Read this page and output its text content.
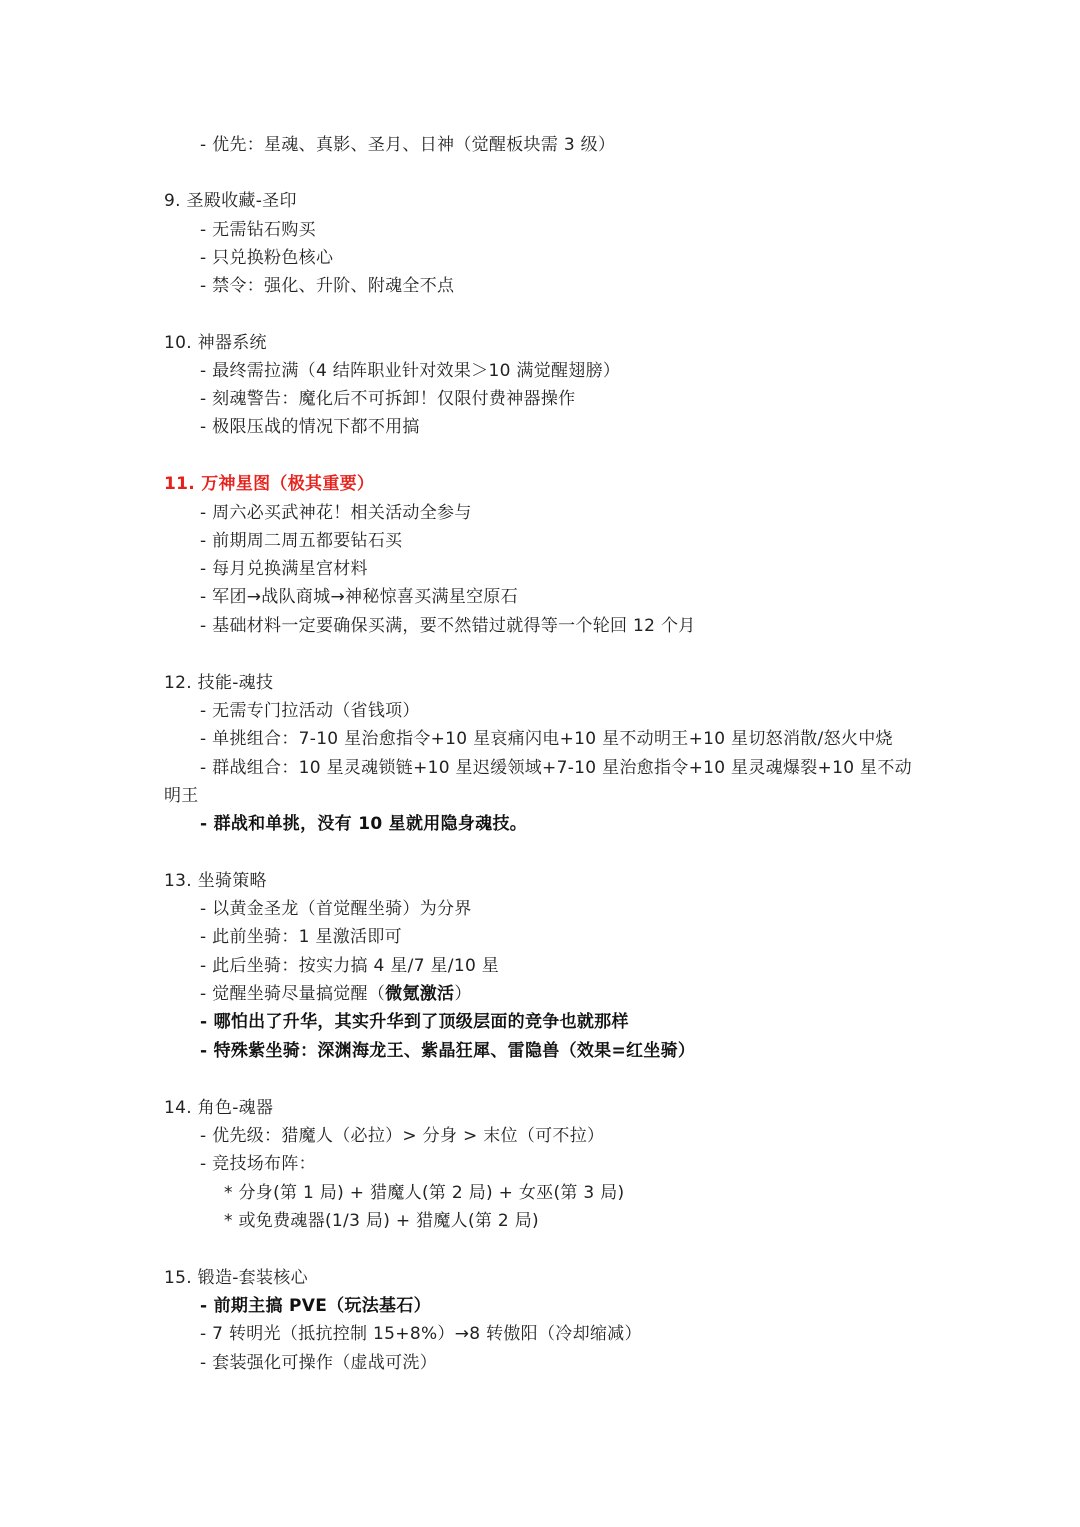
- 优先：星魂、真影、圣月、日神（觉醒板块需 3 级）
9. 圣殿收藏-圣印
- 无需钻石购买
- 只兑换粉色核心
- 禁令：强化、升阶、附魂全不点
10. 神器系统
- 最终需拉满（4 结阵职业针对效果＞10 满觉醒翅膀）
- 刻魂警告：魔化后不可拆卸！仅限付费神器操作
- 极限压战的情况下都不用搞
11. 万神星图（极其重要）
- 周六必买武神花！相关活动全参与
- 前期周二周五都要钻石买
- 每月兑换满星宫材料
- 军团→战队商城→神秘惊喜买满星空原石
- 基础材料一定要确保买满，要不然错过就得等一个轮回 12 个月
12. 技能-魂技
- 无需专门拉活动（省钱项）
- 单挑组合：7-10 星治愈指令+10 星哀痛闪电+10 星不动明王+10 星切怒消散/怒火中烧
- 群战组合：10 星灵魂锁链+10 星迟缓领域+7-10 星治愈指令+10 星灵魂爆裂+10 星不动
明王
- 群战和单挑，没有 10 星就用隐身魂技。
13. 坐骑策略
- 以黄金圣龙（首觉醒坐骑）为分界
- 此前坐骑：1 星激活即可
- 此后坐骑：按实力搞 4 星/7 星/10 星
- 觉醒坐骑尽量搞觉醒（微氪激活）
- 哪怕出了升华，其实升华到了顶级层面的竞争也就那样
- 特殊紫坐骑：深渊海龙王、紫晶狂犀、雷隐兽（效果=红坐骑）
14. 角色-魂器
- 优先级：猎魔人（必拉）> 分身 > 末位（可不拉）
- 竞技场布阵：
* 分身(第 1 局) + 猎魔人(第 2 局) + 女巫(第 3 局)
* 或免费魂器(1/3 局) + 猎魔人(第 2 局)
15. 锻造-套装核心
- 前期主搞 PVE（玩法基石）
- 7 转明光（抵抗控制 15+8%）→8 转傲阳（冷却缩减）
- 套装强化可操作（虚战可洗）
